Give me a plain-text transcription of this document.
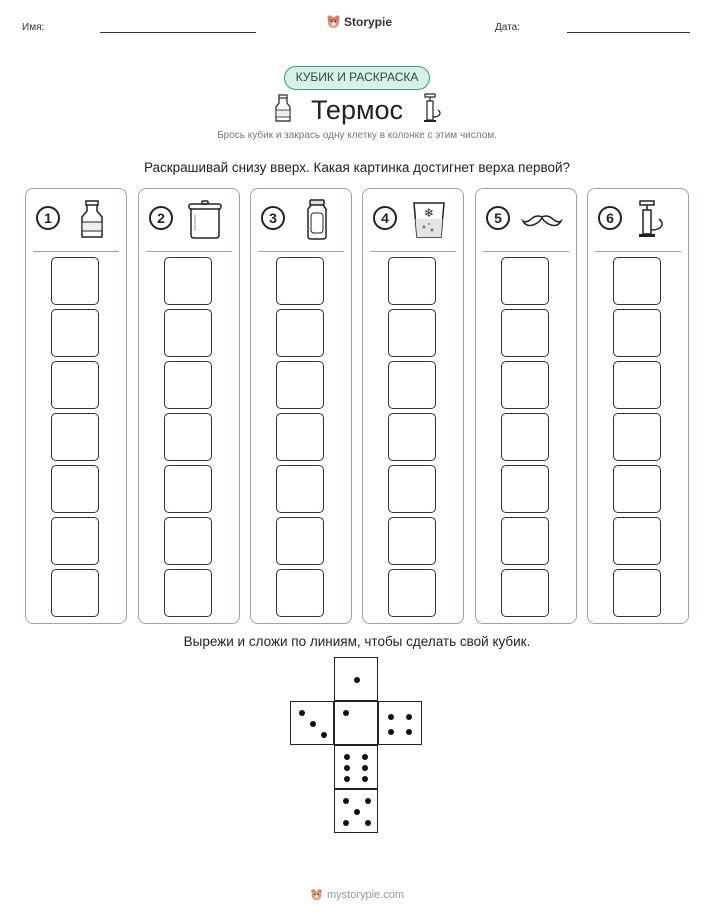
Имя:	Storypie	Дата:
КУБИК И РАСКРАСКА
Термос
Брось кубик и закрась одну клетку в колонке с этим числом.
Раскрашивай снизу вверх. Какая картинка достигнет верха первой?
1	2	3	4	❄	5	6
Вырежи и сложи по линиям, чтобы сделать свой кубик.
mystorypie.com
